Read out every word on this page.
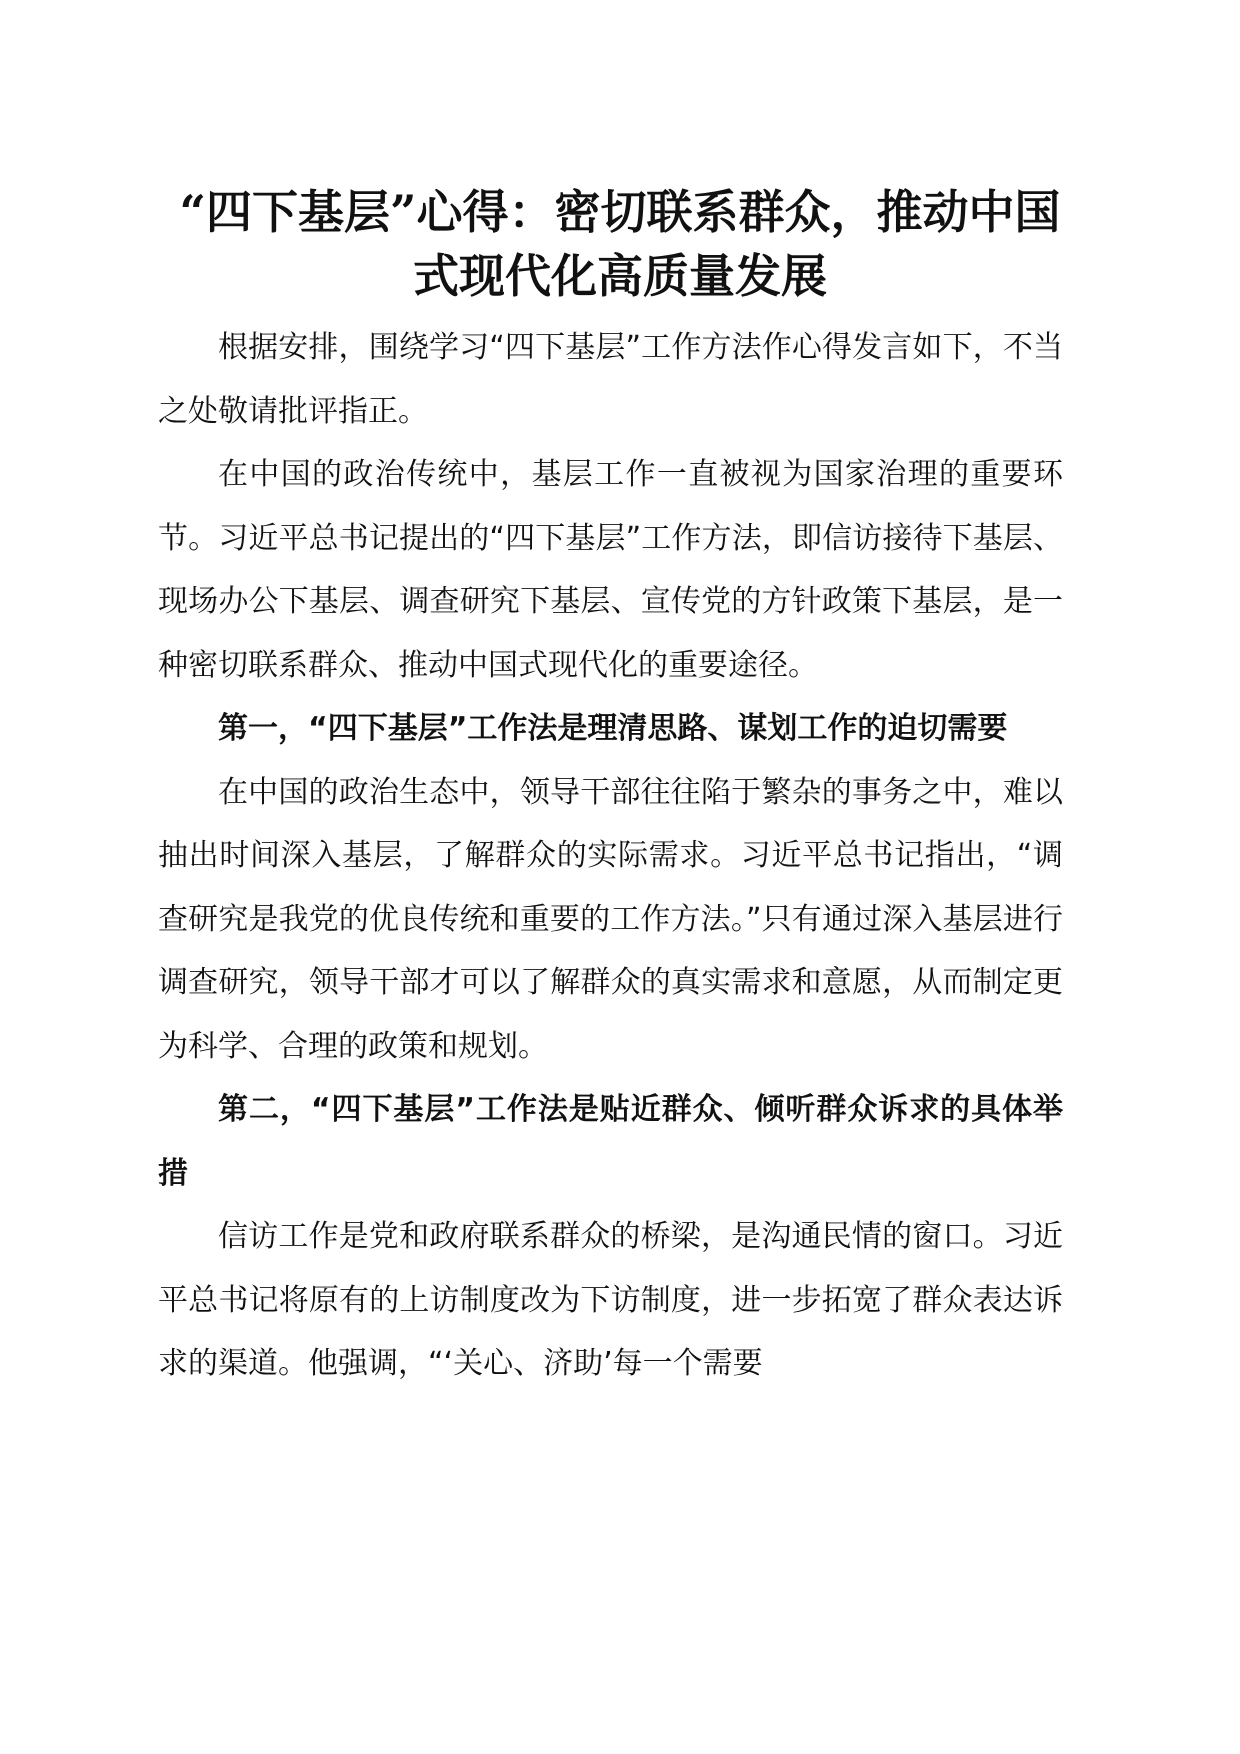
“四下基层”心得：密切联系群众，推动中国
式现代化高质量发展

根据安排，围绕学习“四下基层”工作方法作心得发言如下，不当之处敬请批评指正。

在中国的政治传统中，基层工作一直被视为国家治理的重要环节。习近平总书记提出的“四下基层”工作方法，即信访接待下基层、现场办公下基层、调查研究下基层、宣传党的方针政策下基层，是一种密切联系群众、推动中国式现代化的重要途径。

第一，“四下基层”工作法是理清思路、谋划工作的迫切需要

在中国的政治生态中，领导干部往往陷于繁杂的事务之中，难以抽出时间深入基层，了解群众的实际需求。习近平总书记指出，“调查研究是我党的优良传统和重要的工作方法。”只有通过深入基层进行调查研究，领导干部才可以了解群众的真实需求和意愿，从而制定更为科学、合理的政策和规划。

第二，“四下基层”工作法是贴近群众、倾听群众诉求的具体举措

信访工作是党和政府联系群众的桥梁，是沟通民情的窗口。习近平总书记将原有的上访制度改为下访制度，进一步拓宽了群众表达诉求的渠道。他强调，“‘关心、济助’每一个需要
